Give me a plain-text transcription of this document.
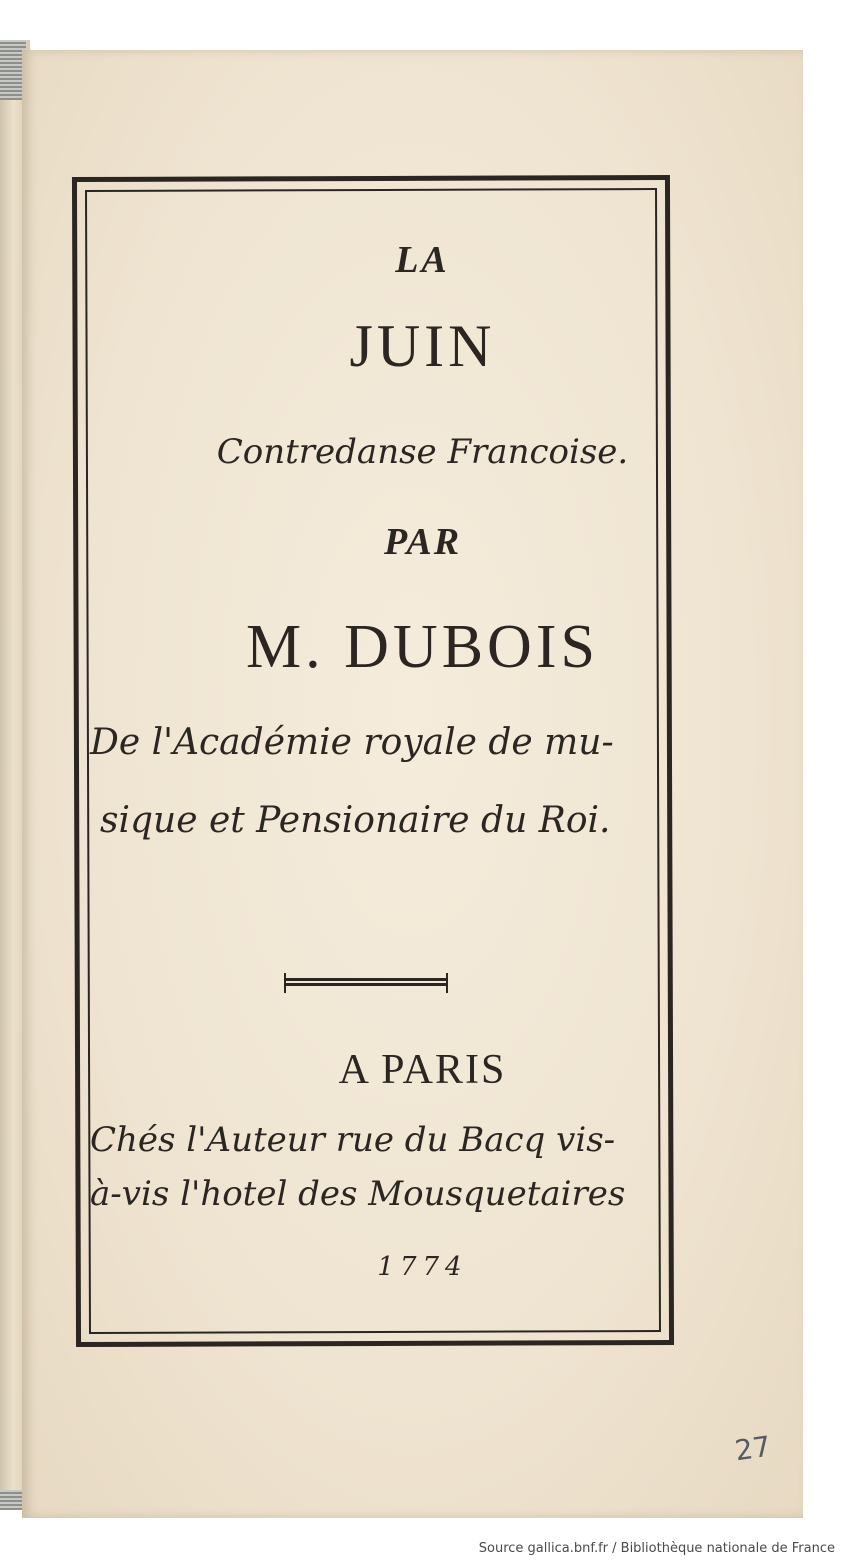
LA
JUIN
Contredanse Francoise.
PAR
M. DUBOIS
De l'Académie royale de mu-
sique et Pensionaire du Roi.
A PARIS
Chés l'Auteur rue du Bacq vis-
à-vis l'hotel des Mousquetaires
1774
27
Source gallica.bnf.fr / Bibliothèque nationale de France
